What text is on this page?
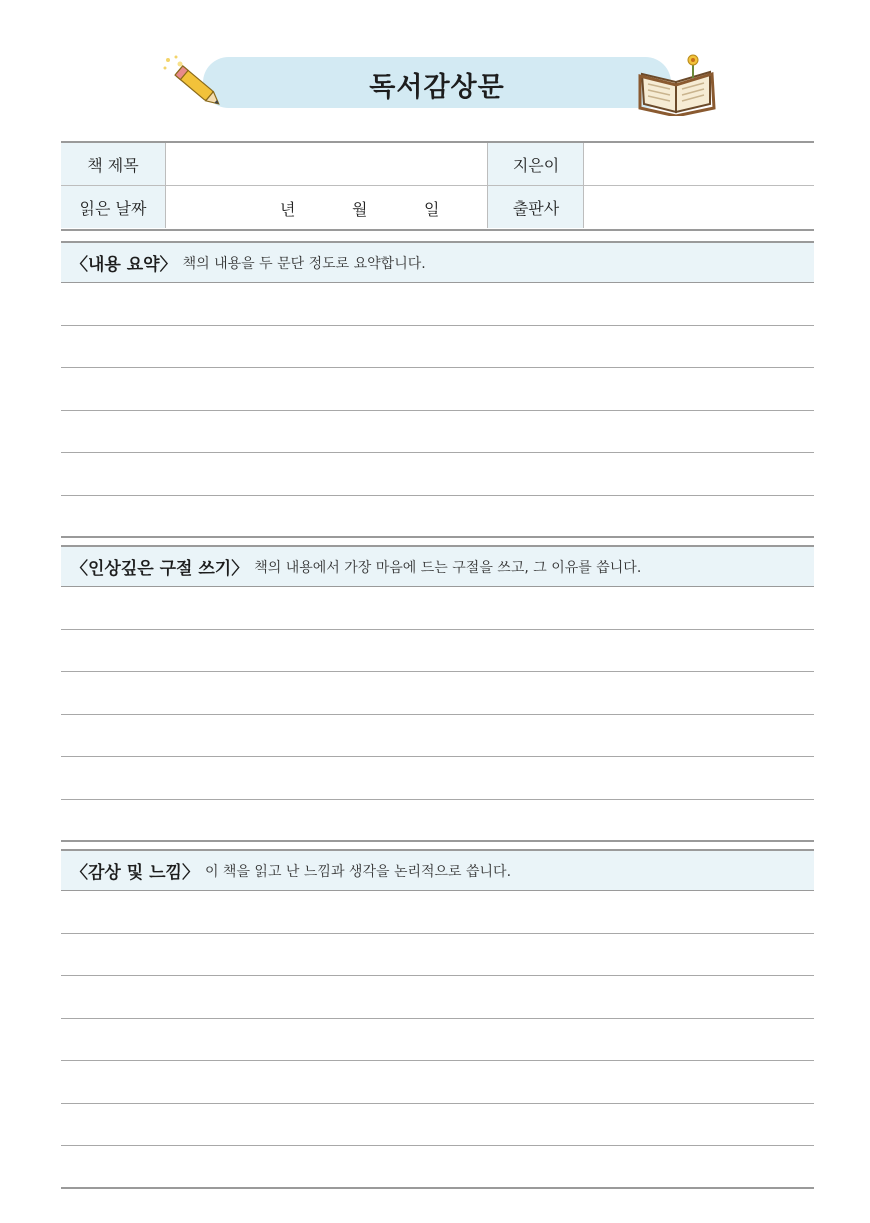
독서감상문
책 제목	지은이
읽은 날짜	년	월	일	출판사
〈내용 요약〉 책의 내용을 두 문단 정도로 요약합니다.
〈인상깊은 구절 쓰기〉 책의 내용에서 가장 마음에 드는 구절을 쓰고, 그 이유를 씁니다.
〈감상 및 느낌〉 이 책을 읽고 난 느낌과 생각을 논리적으로 씁니다.
